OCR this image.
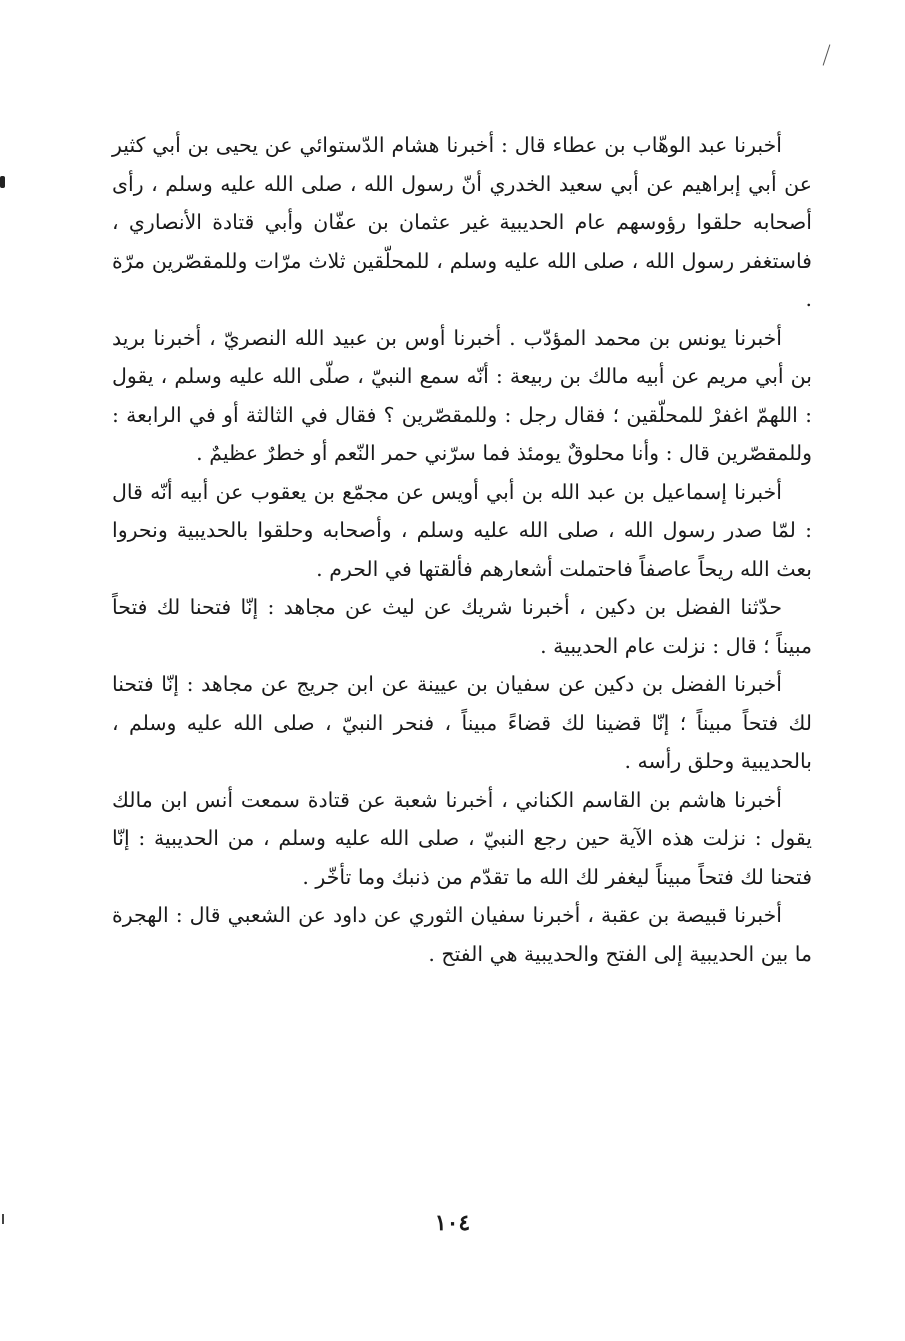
أخبرنا عبد الوهّاب بن عطاء قال : أخبرنا هشام الدّستوائي عن يحيى بن أبي كثير عن أبي إبراهيم عن أبي سعيد الخدري أنّ رسول الله ، صلى الله عليه وسلم ، رأى أصحابه حلقوا رؤوسهم عام الحديبية غير عثمان بن عفّان وأبي قتادة الأنصاري ، فاستغفر رسول الله ، صلى الله عليه وسلم ، للمحلّقين ثلاث مرّات وللمقصّرين مرّة .

أخبرنا يونس بن محمد المؤدّب . أخبرنا أوس بن عبيد الله النصريّ ، أخبرنا بريد بن أبي مريم عن أبيه مالك بن ربيعة : أنّه سمع النبيّ ، صلّى الله عليه وسلم ، يقول : اللهمّ اغفرْ للمحلّقين ؛ فقال رجل : وللمقصّرين ؟ فقال في الثالثة أو في الرابعة : وللمقصّرين قال : وأنا محلوقٌ يومئذ فما سرّني حمر النّعم أو خطرٌ عظيمٌ .

أخبرنا إسماعيل بن عبد الله بن أبي أويس عن مجمّع بن يعقوب عن أبيه أنّه قال : لمّا صدر رسول الله ، صلى الله عليه وسلم ، وأصحابه وحلقوا بالحديبية ونحروا بعث الله ريحاً عاصفاً فاحتملت أشعارهم فألقتها في الحرم .

حدّثنا الفضل بن دكين ، أخبرنا شريك عن ليث عن مجاهد : إنّا فتحنا لك فتحاً مبيناً ؛ قال : نزلت عام الحديبية .

أخبرنا الفضل بن دكين عن سفيان بن عيينة عن ابن جريج عن مجاهد : إنّا فتحنا لك فتحاً مبيناً ؛ إنّا قضينا لك قضاءً مبيناً ، فنحر النبيّ ، صلى الله عليه وسلم ، بالحديبية وحلق رأسه .

أخبرنا هاشم بن القاسم الكناني ، أخبرنا شعبة عن قتادة سمعت أنس ابن مالك يقول : نزلت هذه الآية حين رجع النبيّ ، صلى الله عليه وسلم ، من الحديبية : إنّا فتحنا لك فتحاً مبيناً ليغفر لك الله ما تقدّم من ذنبك وما تأخّر .

أخبرنا قبيصة بن عقبة ، أخبرنا سفيان الثوري عن داود عن الشعبي قال : الهجرة ما بين الحديبية إلى الفتح والحديبية هي الفتح .

١٠٤
